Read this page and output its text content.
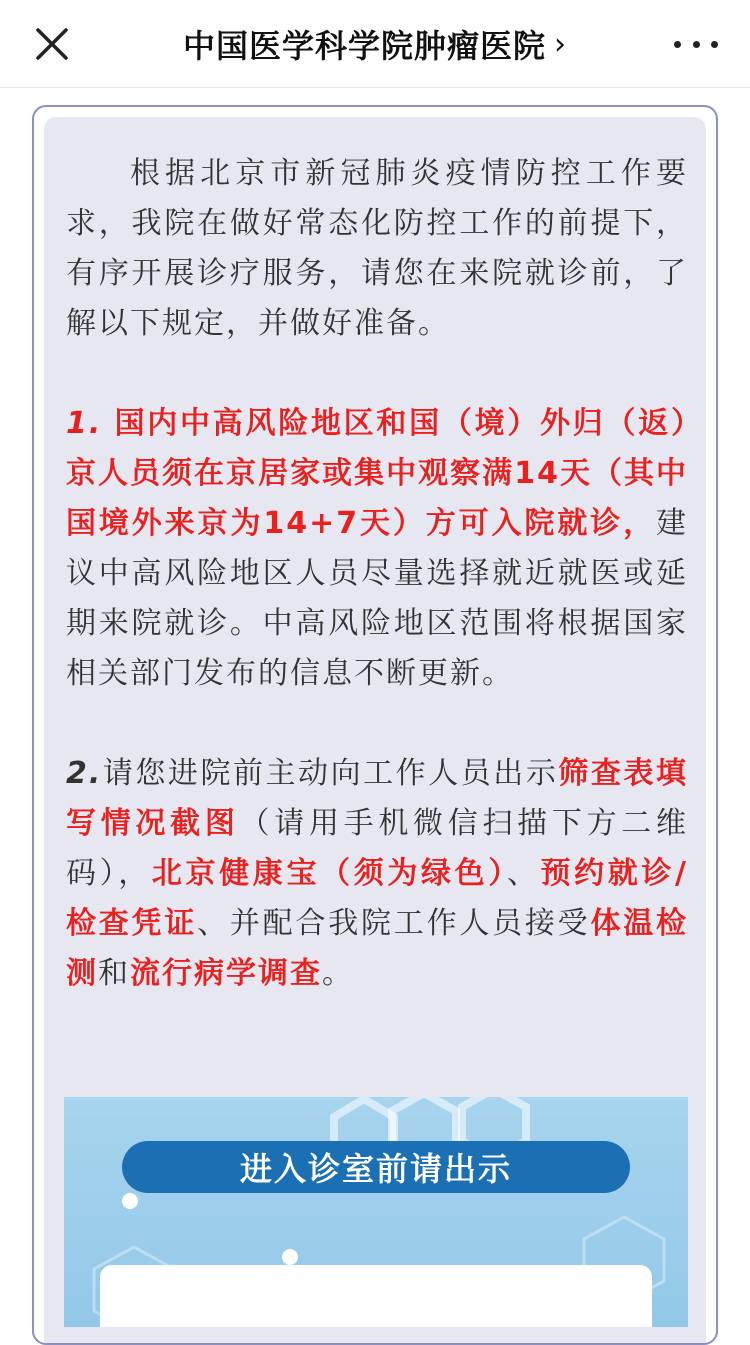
中国医学科学院肿瘤医院 ›

根据北京市新冠肺炎疫情防控工作要求，我院在做好常态化防控工作的前提下，有序开展诊疗服务，请您在来院就诊前，了解以下规定，并做好准备。

1. 国内中高风险地区和国（境）外归（返）京人员须在京居家或集中观察满14天（其中国境外来京为14+7天）方可入院就诊，建议中高风险地区人员尽量选择就近就医或延期来院就诊。中高风险地区范围将根据国家相关部门发布的信息不断更新。

2.请您进院前主动向工作人员出示筛查表填写情况截图（请用手机微信扫描下方二维码），北京健康宝（须为绿色）、预约就诊/检查凭证、并配合我院工作人员接受体温检测和流行病学调查。

进入诊室前请出示
